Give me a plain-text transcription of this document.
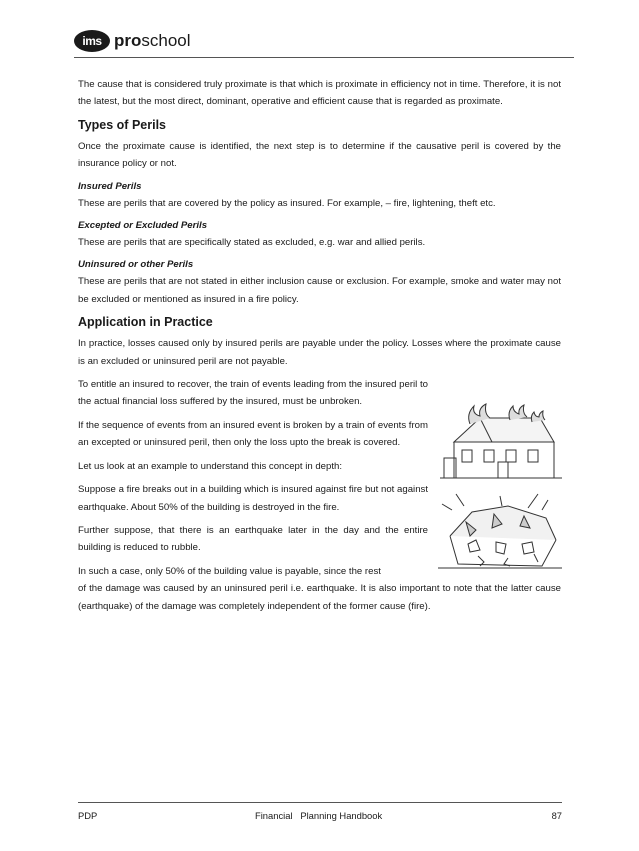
ims proschool

The cause that is considered truly proximate is that which is proximate in efficiency not in time. Therefore, it is not the latest, but the most direct, dominant, operative and efficient cause that is regarded as proximate.

Types of Perils

Once the proximate cause is identified, the next step is to determine if the causative peril is covered by the insurance policy or not.

Insured Perils

These are perils that are covered by the policy as insured. For example, – fire, lightening, theft etc.

Excepted or Excluded Perils

These are perils that are specifically stated as excluded, e.g. war and allied perils.

Uninsured or other Perils

These are perils that are not stated in either inclusion cause or exclusion. For example, smoke and water may not be excluded or mentioned as insured in a fire policy.

Application in Practice

In practice, losses caused only by insured perils are payable under the policy. Losses where the proximate cause is an excluded or uninsured peril are not payable.

To entitle an insured to recover, the train of events leading from the insured peril to the actual financial loss suffered by the insured, must be unbroken.

If the sequence of events from an insured event is broken by a train of events from an excepted or uninsured peril, then only the loss upto the break is covered.

Let us look at an example to understand this concept in depth:

Suppose a fire breaks out in a building which is insured against fire but not against earthquake. About 50% of the building is destroyed in the fire.

Further suppose, that there is an earthquake later in the day and the entire building is reduced to rubble.

In such a case, only 50% of the building value is payable, since the rest
of the damage was caused by an uninsured peril i.e. earthquake. It is also important to note that the latter cause (earthquake) of the damage was completely independent of the former cause (fire).

PDP	Financial   Planning Handbook	87
